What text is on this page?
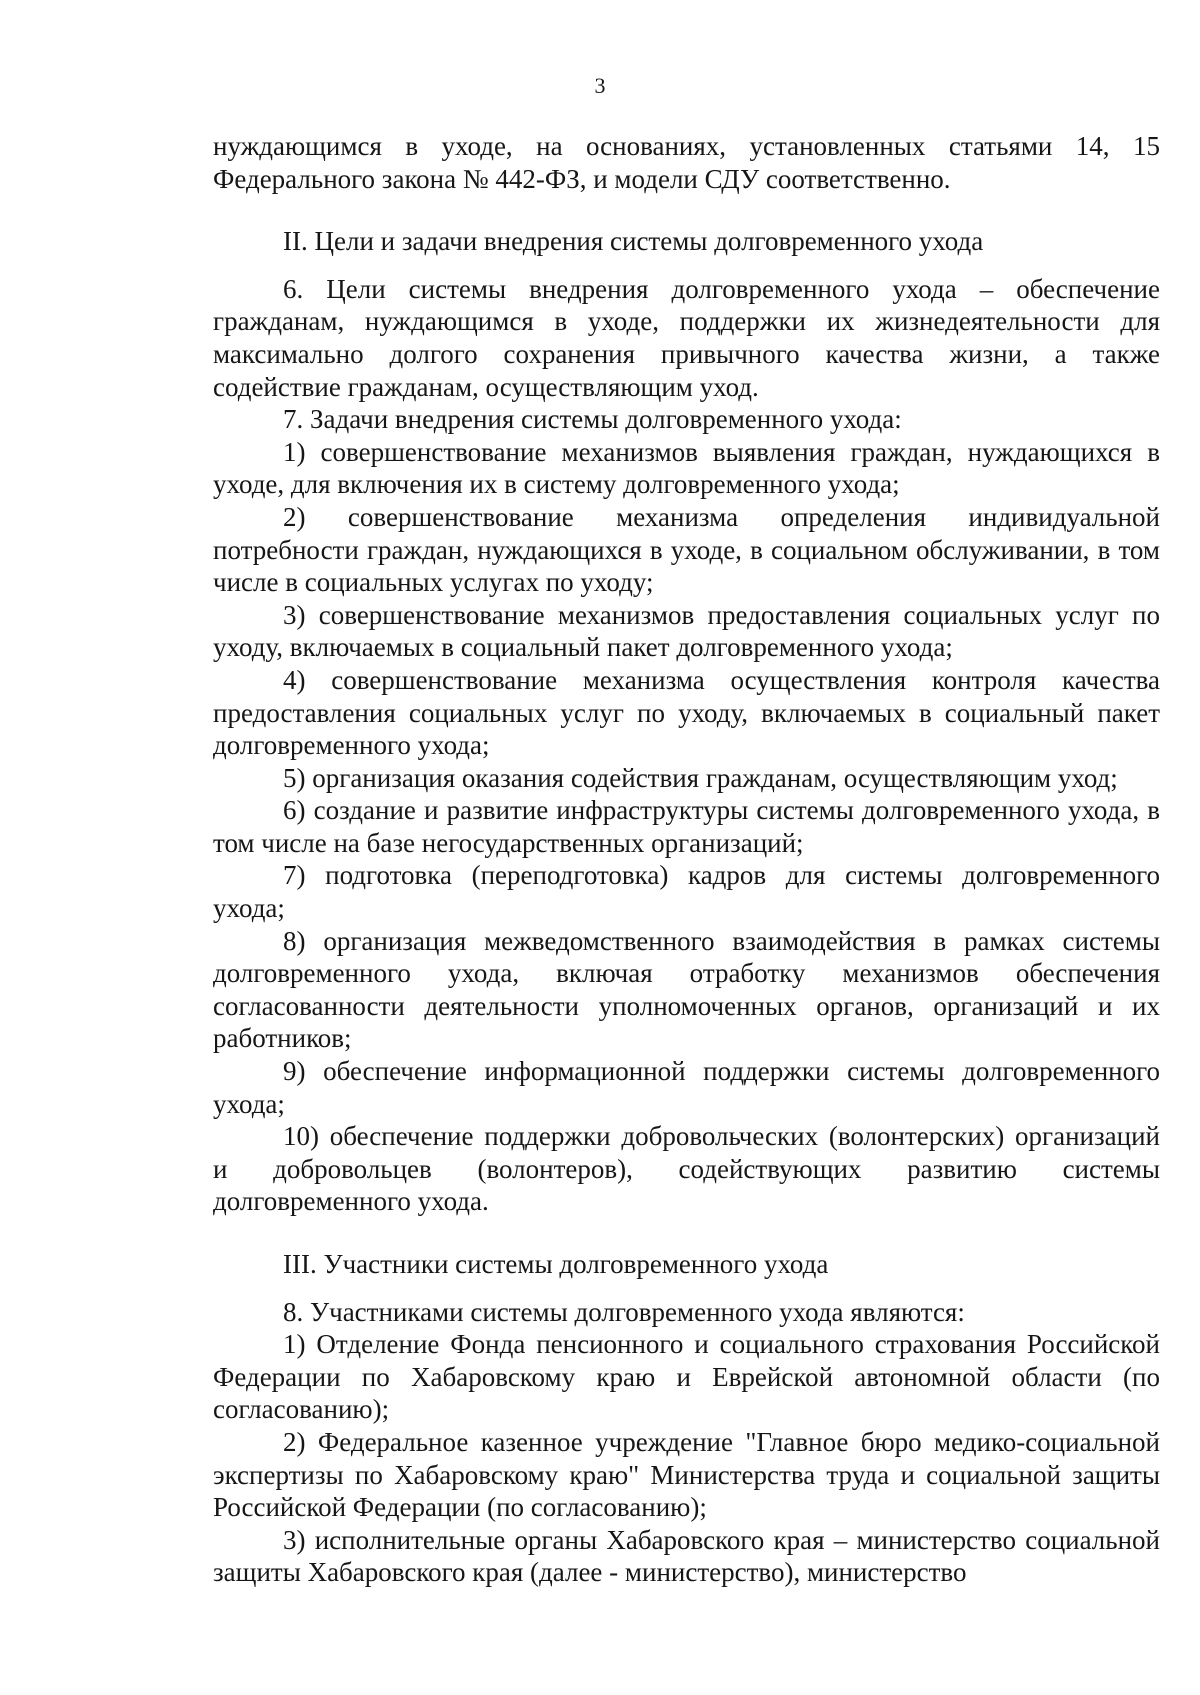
3

нуждающимся в уходе, на основаниях, установленных статьями 14, 15 Федерального закона № 442-ФЗ, и модели СДУ соответственно.

II. Цели и задачи внедрения системы долговременного ухода

6. Цели системы внедрения долговременного ухода – обеспечение гражданам, нуждающимся в уходе, поддержки их жизнедеятельности для максимально долгого сохранения привычного качества жизни, а также содействие гражданам, осуществляющим уход.

7. Задачи внедрения системы долговременного ухода:

1) совершенствование механизмов выявления граждан, нуждающихся в уходе, для включения их в систему долговременного ухода;

2) совершенствование механизма определения индивидуальной потребности граждан, нуждающихся в уходе, в социальном обслуживании, в том числе в социальных услугах по уходу;

3) совершенствование механизмов предоставления социальных услуг по уходу, включаемых в социальный пакет долговременного ухода;

4) совершенствование механизма осуществления контроля качества предоставления социальных услуг по уходу, включаемых в социальный пакет долговременного ухода;

5) организация оказания содействия гражданам, осуществляющим уход;

6) создание и развитие инфраструктуры системы долговременного ухода, в том числе на базе негосударственных организаций;

7) подготовка (переподготовка) кадров для системы долговременного ухода;

8) организация межведомственного взаимодействия в рамках системы долговременного ухода, включая отработку механизмов обеспечения согласованности деятельности уполномоченных органов, организаций и их работников;

9) обеспечение информационной поддержки системы долговременного ухода;

10) обеспечение поддержки добровольческих (волонтерских) организаций и добровольцев (волонтеров), содействующих развитию системы долговременного ухода.

III. Участники системы долговременного ухода

8. Участниками системы долговременного ухода являются:

1) Отделение Фонда пенсионного и социального страхования Российской Федерации по Хабаровскому краю и Еврейской автономной области (по согласованию);

2) Федеральное казенное учреждение "Главное бюро медико-социальной экспертизы по Хабаровскому краю" Министерства труда и социальной защиты Российской Федерации (по согласованию);

3) исполнительные органы Хабаровского края – министерство социальной защиты Хабаровского края (далее - министерство), министерство
